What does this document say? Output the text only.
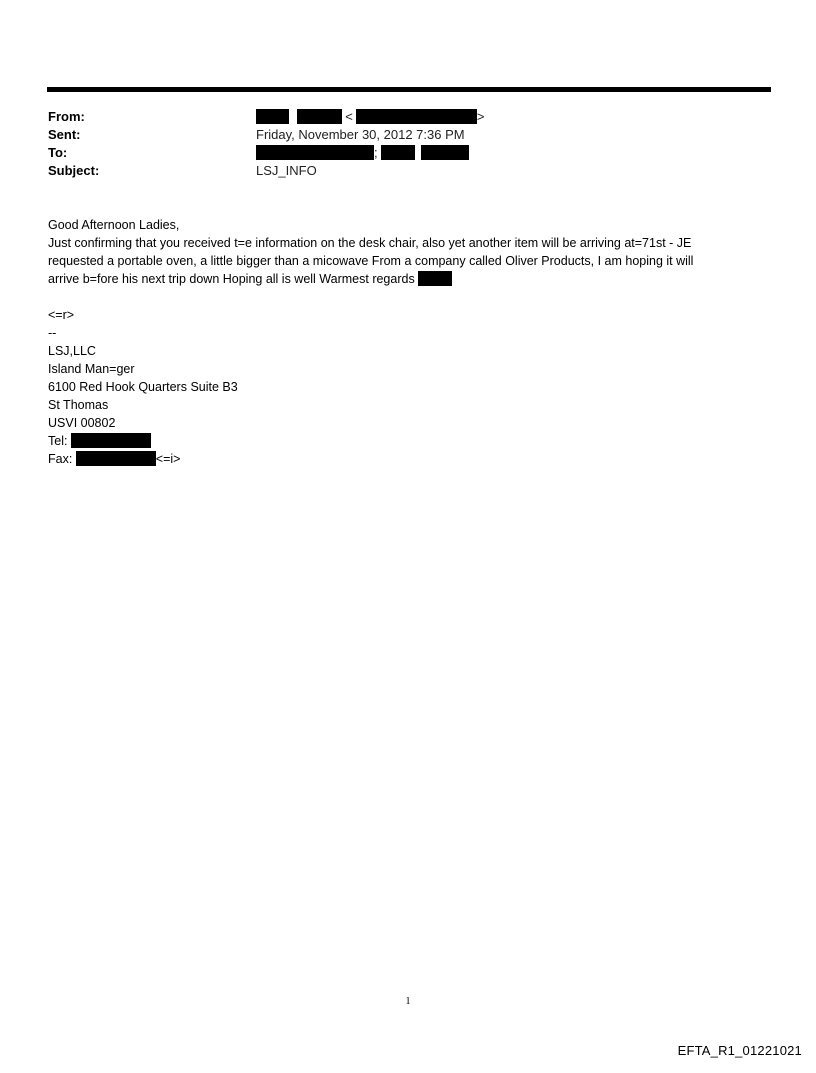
From:	<	>
Sent:	Friday, November 30, 2012 7:36 PM
To:	;
Subject:	LSJ_INFO

Good Afternoon Ladies,

Just confirming that you received t=e information on the desk chair, also yet another item will be arriving at=71st - JE

requested a portable oven, a little bigger than a micowave From a company called Oliver Products, I am hoping it will

arrive b=fore his next trip down Hoping all is well Warmest regards

<=r>

--

LSJ,LLC

Island Man=ger

6100 Red Hook Quarters Suite B3

St Thomas

USVI 00802

Tel:

Fax:	<=i>

1
EFTA_R1_01221021
